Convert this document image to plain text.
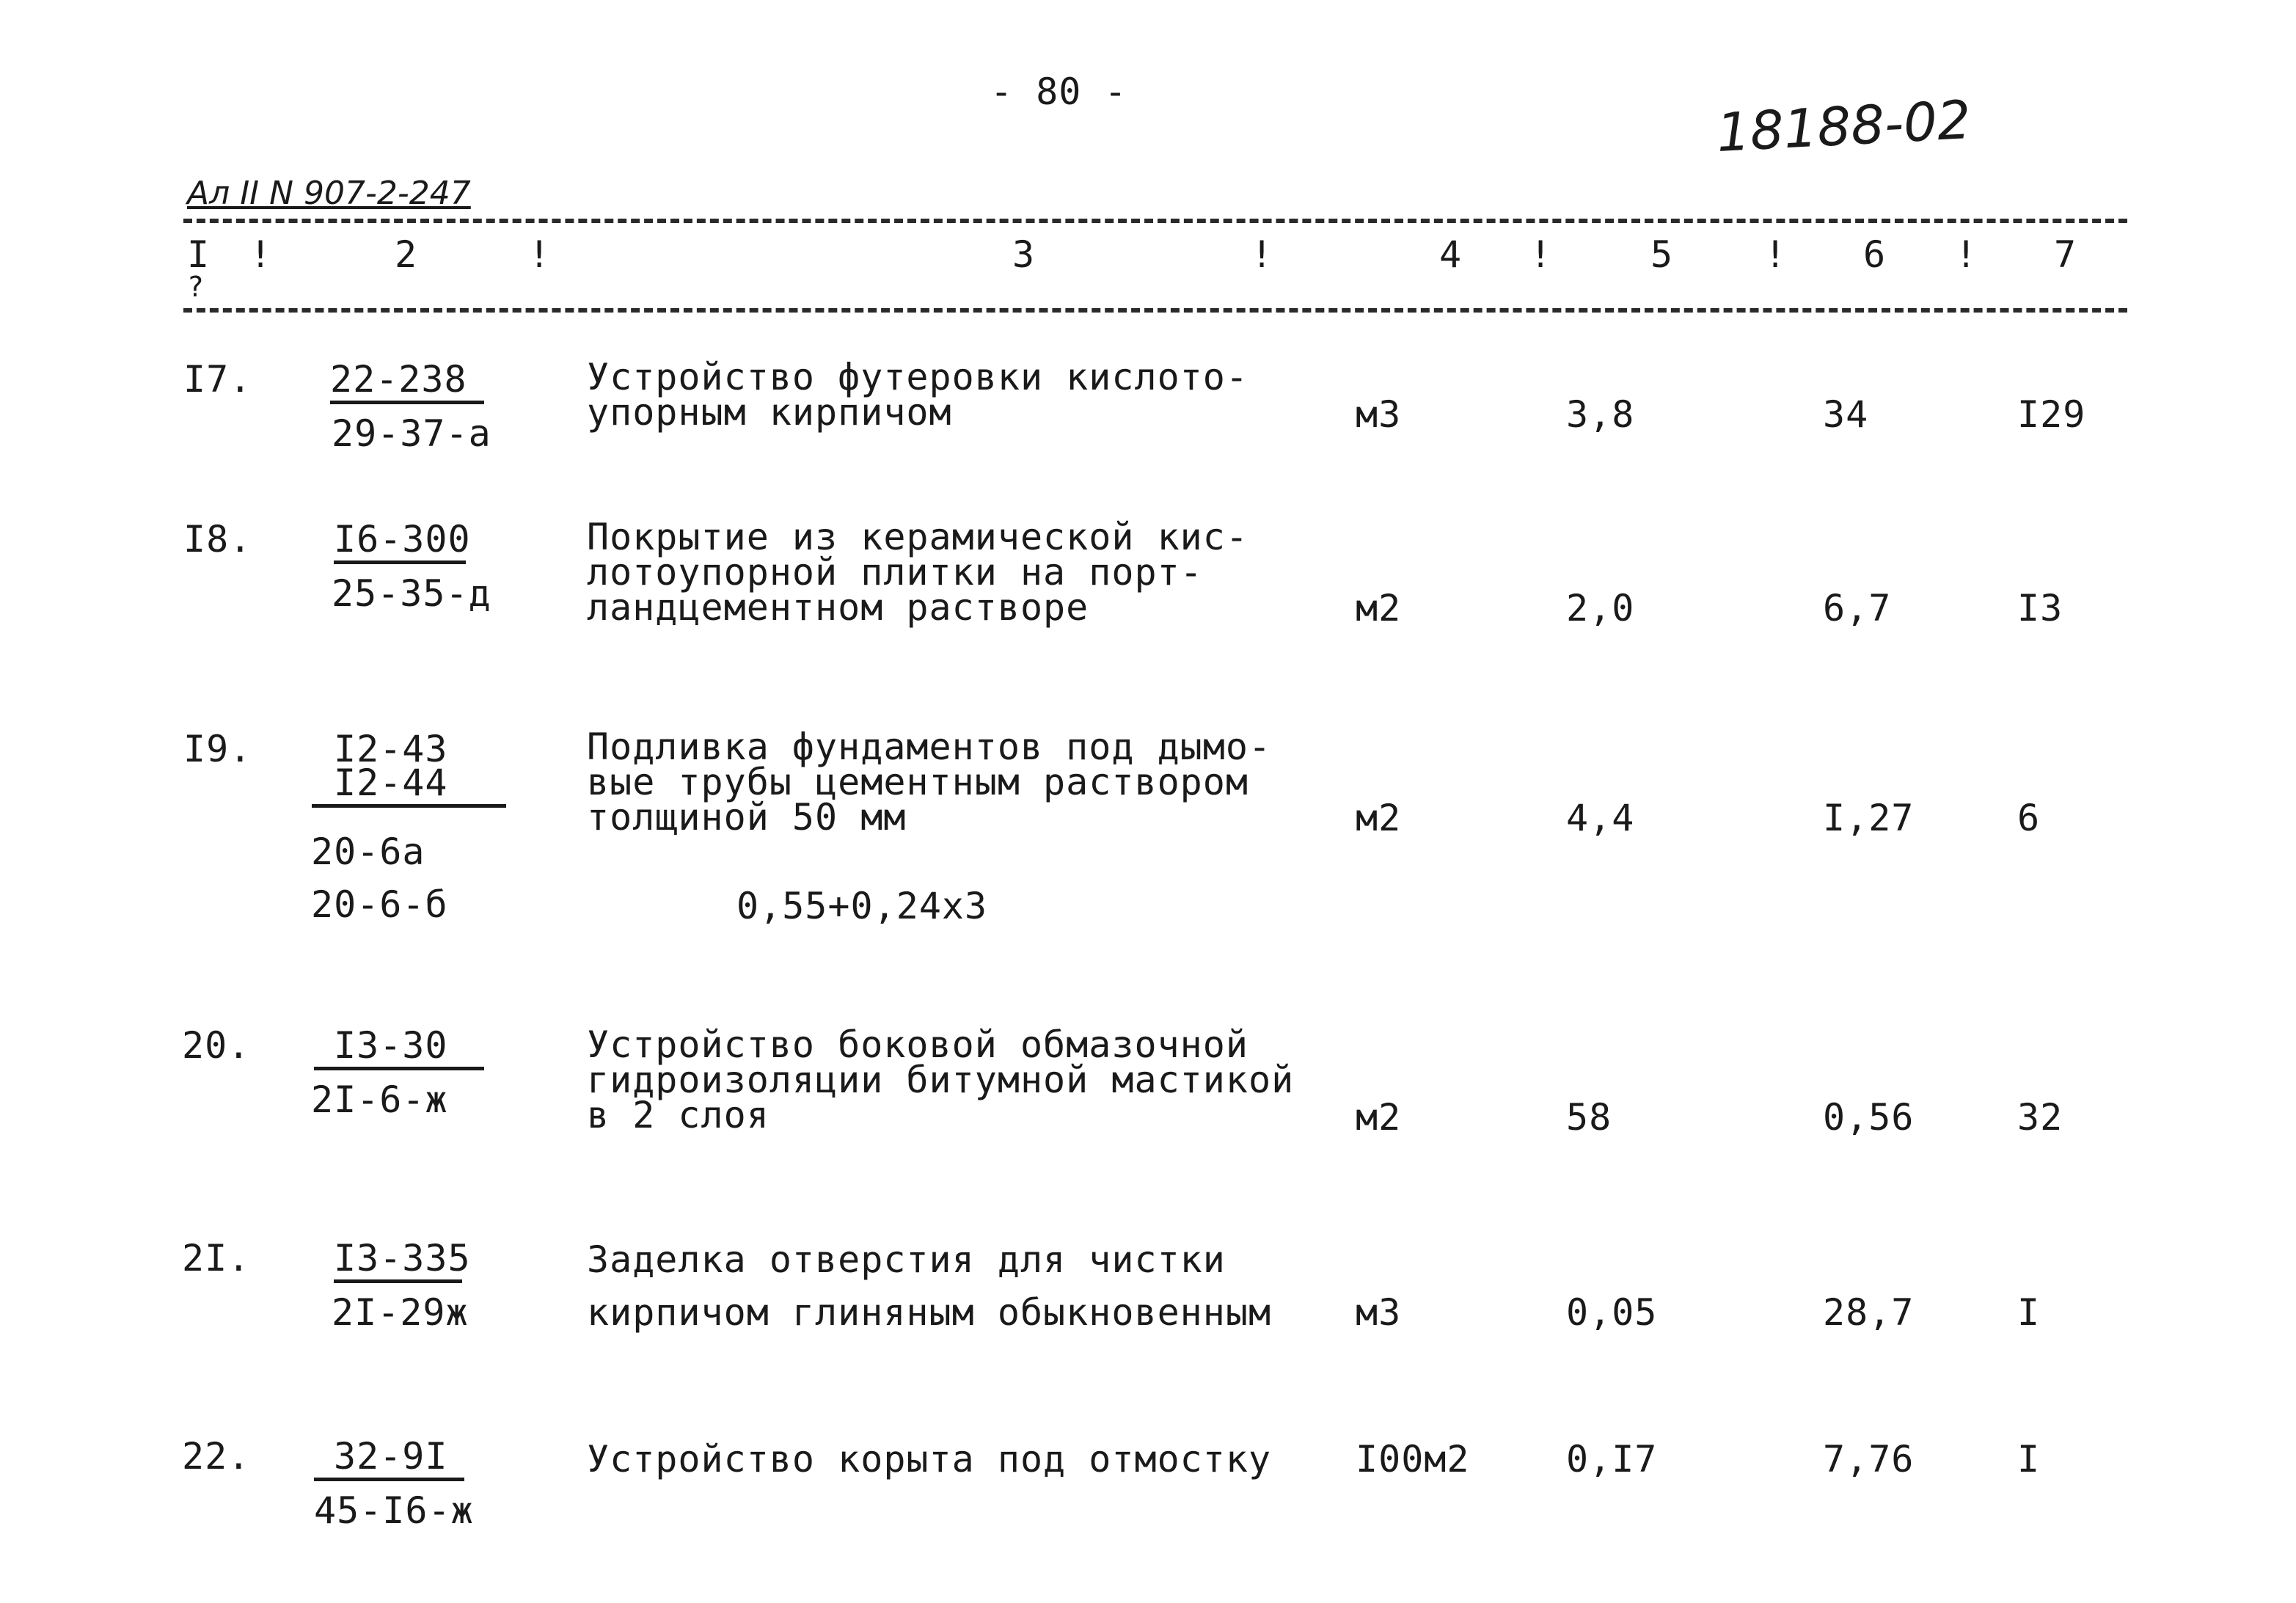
- 80 -	18188-02
Ал II N 907-2-247
I
?
!	2	!	3	!	4 !	5 ! 6 ! 7
I7. 22-238
29-37-а
Устройство футеровки кислото-
упорным кирпичом	м3	3,8	34	I29
I8. I6-300
25-35-д
Покрытие из керамической кис-
лотоупорной плитки на порт-
ландцементном растворе	м2	2,0	6,7	I3
I9. I2-43
I2-44
20-6а
20-6-б
Подливка фундаментов под дымо-
вые трубы цементным раствором
толщиной 50 мм
0,55+0,24х3
м2	4,4	I,27	6
20.	I3-30
2I-6-ж
Устройство боковой обмазочной
гидроизоляции битумной мастикой
в 2 слоя	м2	58	0,56	32
2I. I3-335
2I-29ж
Заделка отверстия для чистки
кирпичом глиняным обыкновенным м3	0,05	28,7	I
22.	32-9I
45-I6-ж
Устройство корыта под отмостку I00м2	0,I7	7,76	I
